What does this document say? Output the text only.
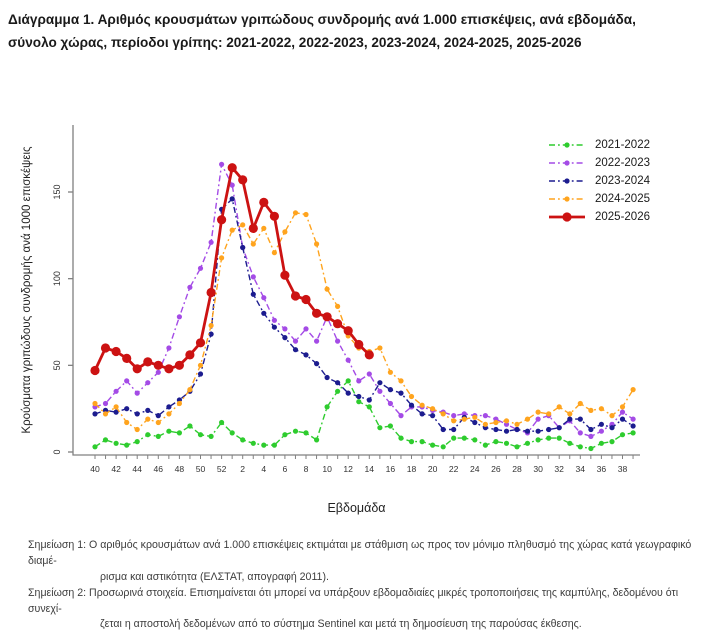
Διάγραμμα 1. Αριθμός κρουσμάτων γριπώδους συνδρομής ανά 1.000 επισκέψεις, ανά εβδομάδα,
σύνολο χώρας, περίοδοι γρίπης: 2021-2022, 2022-2023, 2023-2024, 2024-2025, 2025-2026
0
50
100
150
Κρούσματα γριπώδους συνδρομής ανά 1000 επισκέψεις
40 42 44 46 48 50 52 2 4 6 8 10 12 14 16 18 20 22 24 26 28 30 32 34 36 38
Εβδομάδα
2021-2022
2022-2023
2023-2024
2024-2025
2025-2026
Σημείωση 1: Ο αριθμός κρουσμάτων ανά 1.000 επισκέψεις εκτιμάται με στάθμιση ως προς τον μόνιμο πληθυσμό της χώρας κατά γεωγραφικό διαμέ-
ρισμα και αστικότητα (ΕΛΣΤΑΤ, απογραφή 2011).
Σημείωση 2: Προσωρινά στοιχεία. Επισημαίνεται ότι μπορεί να υπάρξουν εβδομαδιαίες μικρές τροποποιήσεις της καμπύλης, δεδομένου ότι συνεχί-
ζεται η αποστολή δεδομένων από το σύστημα Sentinel και μετά τη δημοσίευση της παρούσας έκθεσης.
